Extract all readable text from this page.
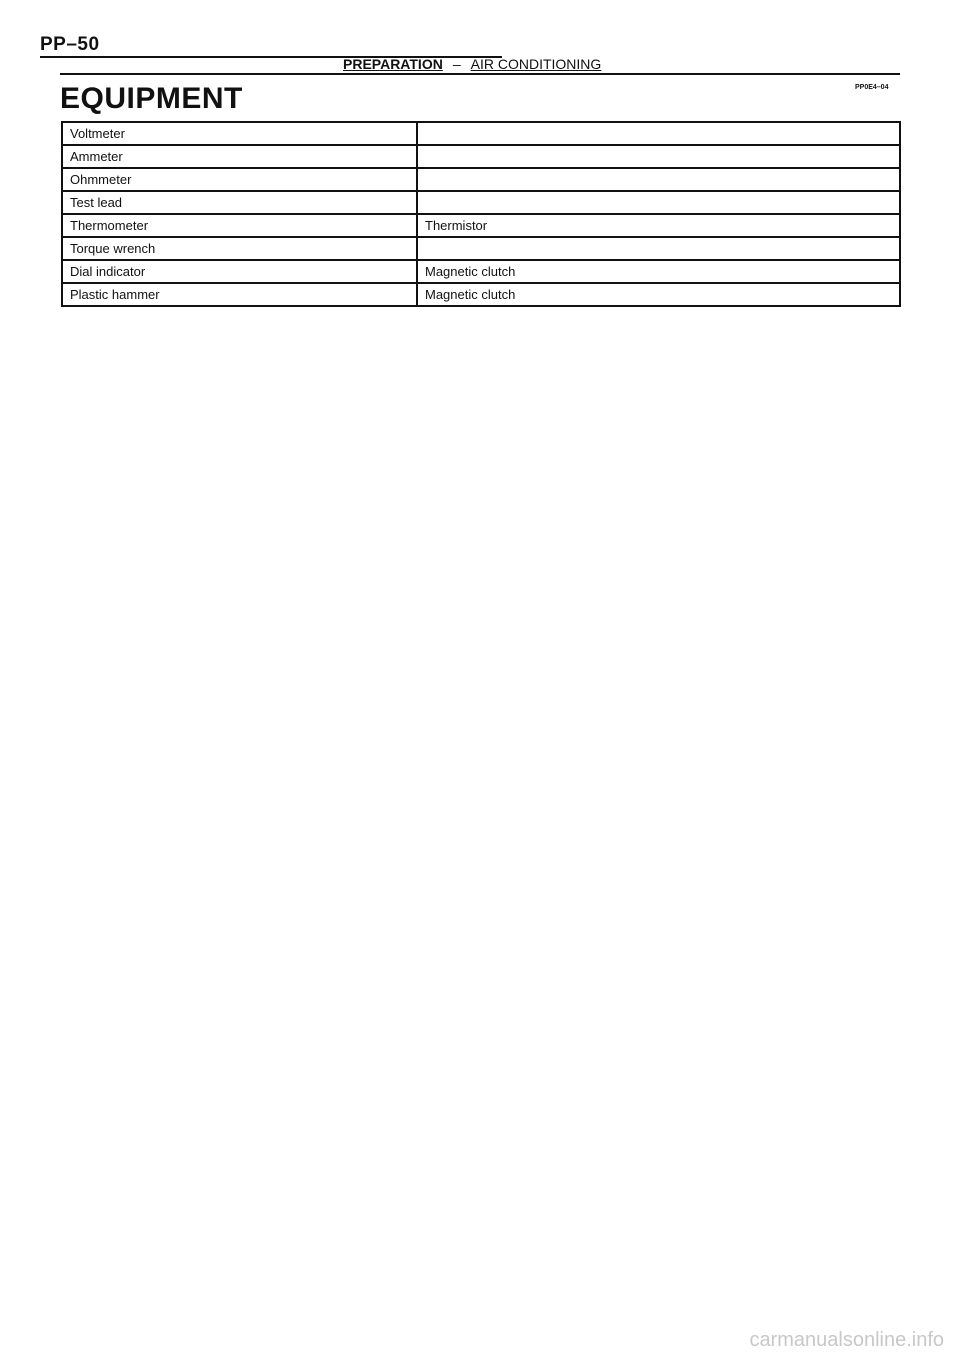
PP–50
PREPARATION – AIR CONDITIONING
EQUIPMENT	PP0E4–04
Voltmeter	
Ammeter	
Ohmmeter	
Test lead	
Thermometer	Thermistor
Torque wrench	
Dial indicator	Magnetic clutch
Plastic hammer	Magnetic clutch
carmanualsonline.info
